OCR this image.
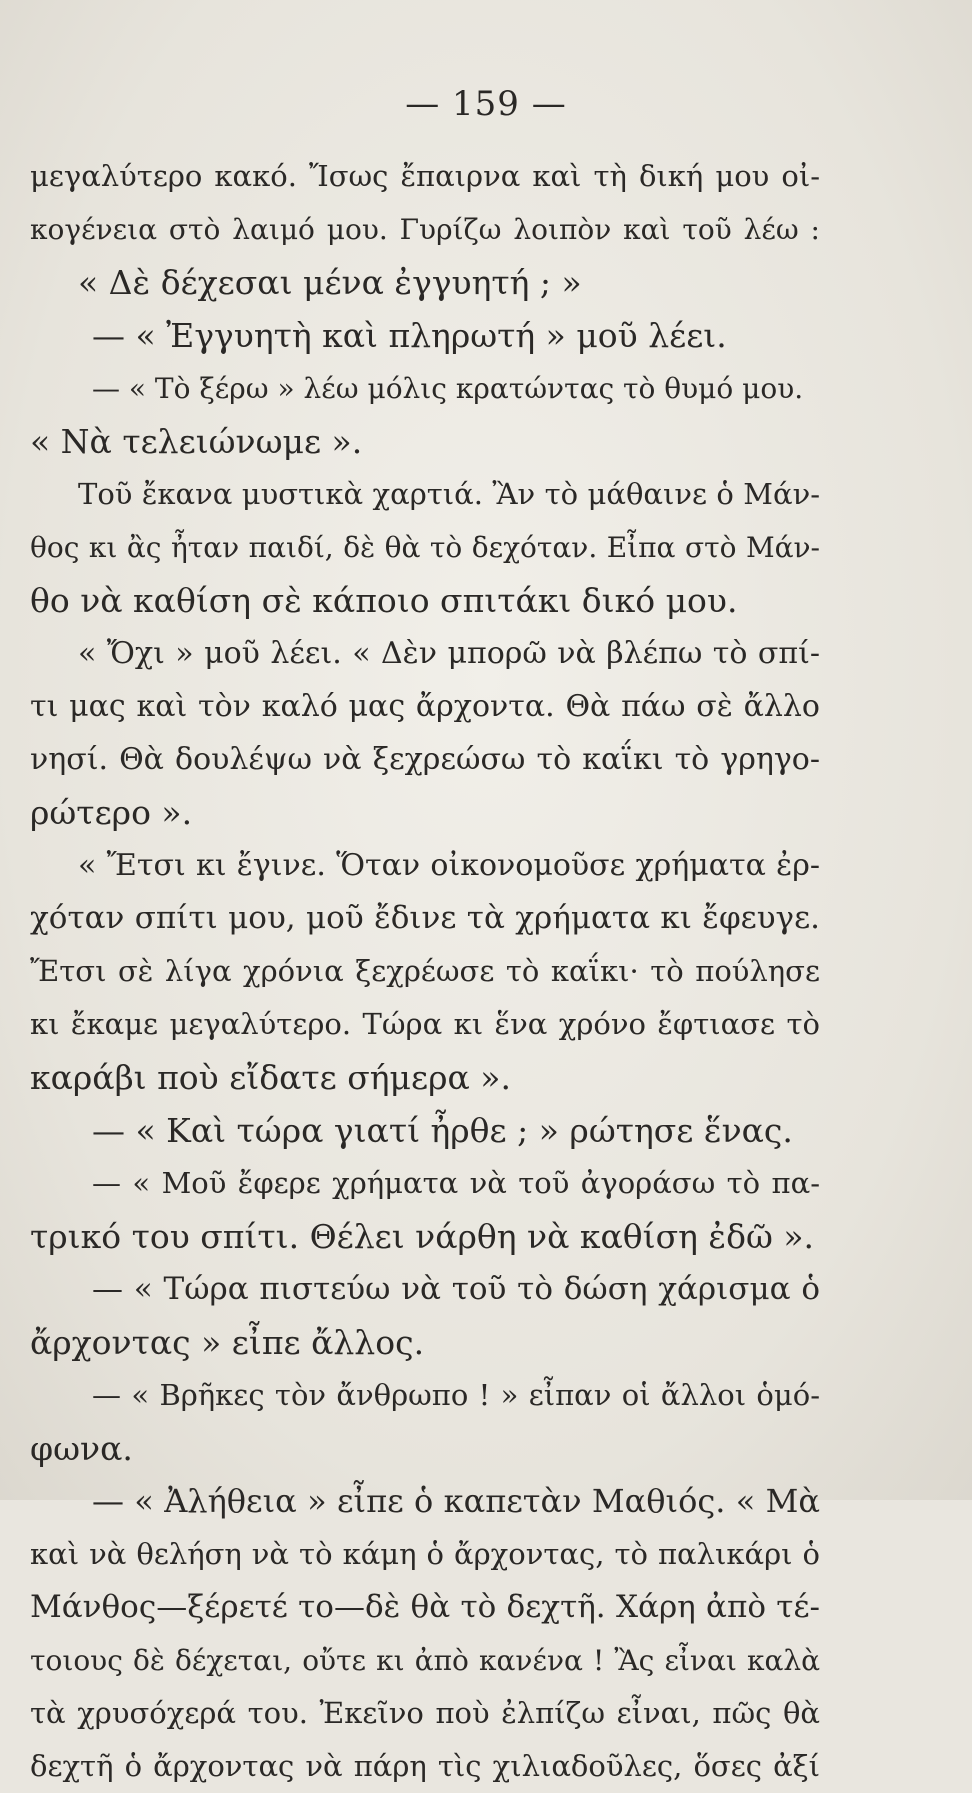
— 159 —
μεγαλύτερο κακό. Ἴσως ἔπαιρνα καὶ τὴ δική μου οἰ-
κογένεια στὸ λαιμό μου. Γυρίζω λοιπὸν καὶ τοῦ λέω :
« Δὲ δέχεσαι μένα ἐγγυητή ; »
— « Ἐγγυητὴ καὶ πληρωτή » μοῦ λέει.
— « Τὸ ξέρω » λέω μόλις κρατώντας τὸ θυμό μου.
« Νὰ τελειώνωμε ».
Τοῦ ἔκανα μυστικὰ χαρτιά. Ἂν τὸ μάθαινε ὁ Μάν-
θος κι ἂς ἦταν παιδί, δὲ θὰ τὸ δεχόταν. Εἶπα στὸ Μάν-
θο νὰ καθίση σὲ κάποιο σπιτάκι δικό μου.
« Ὄχι » μοῦ λέει. « Δὲν μπορῶ νὰ βλέπω τὸ σπί-
τι μας καὶ τὸν καλό μας ἄρχοντα. Θὰ πάω σὲ ἄλλο
νησί. Θὰ δουλέψω νὰ ξεχρεώσω τὸ καΐκι τὸ γρηγο-
ρώτερο ».
« Ἔτσι κι ἔγινε. Ὅταν οἰκονομοῦσε χρήματα ἐρ-
χόταν σπίτι μου, μοῦ ἔδινε τὰ χρήματα κι ἔφευγε.
Ἔτσι σὲ λίγα χρόνια ξεχρέωσε τὸ καΐκι· τὸ πούλησε
κι ἔκαμε μεγαλύτερο. Τώρα κι ἕνα χρόνο ἔφτιασε τὸ
καράβι ποὺ εἴδατε σήμερα ».
— « Καὶ τώρα γιατί ἦρθε ; » ρώτησε ἕνας.
— « Μοῦ ἔφερε χρήματα νὰ τοῦ ἀγοράσω τὸ πα-
τρικό του σπίτι. Θέλει νάρθη νὰ καθίση ἐδῶ ».
— « Τώρα πιστεύω νὰ τοῦ τὸ δώση χάρισμα ὁ
ἄρχοντας » εἶπε ἄλλος.
— « Βρῆκες τὸν ἄνθρωπο ! » εἶπαν οἱ ἄλλοι ὁμό-
φωνα.
— « Ἀλήθεια » εἶπε ὁ καπετὰν Μαθιός. « Μὰ
καὶ νὰ θελήση νὰ τὸ κάμη ὁ ἄρχοντας, τὸ παλικάρι ὁ
Μάνθος—ξέρετέ το—δὲ θὰ τὸ δεχτῆ. Χάρη ἀπὸ τέ-
τοιους δὲ δέχεται, οὔτε κι ἀπὸ κανένα ! Ἂς εἶναι καλὰ
τὰ χρυσόχερά του. Ἐκεῖνο ποὺ ἐλπίζω εἶναι, πῶς θὰ
δεχτῆ ὁ ἄρχοντας νὰ πάρη τὶς χιλιαδοῦλες, ὅσες ἀξί
